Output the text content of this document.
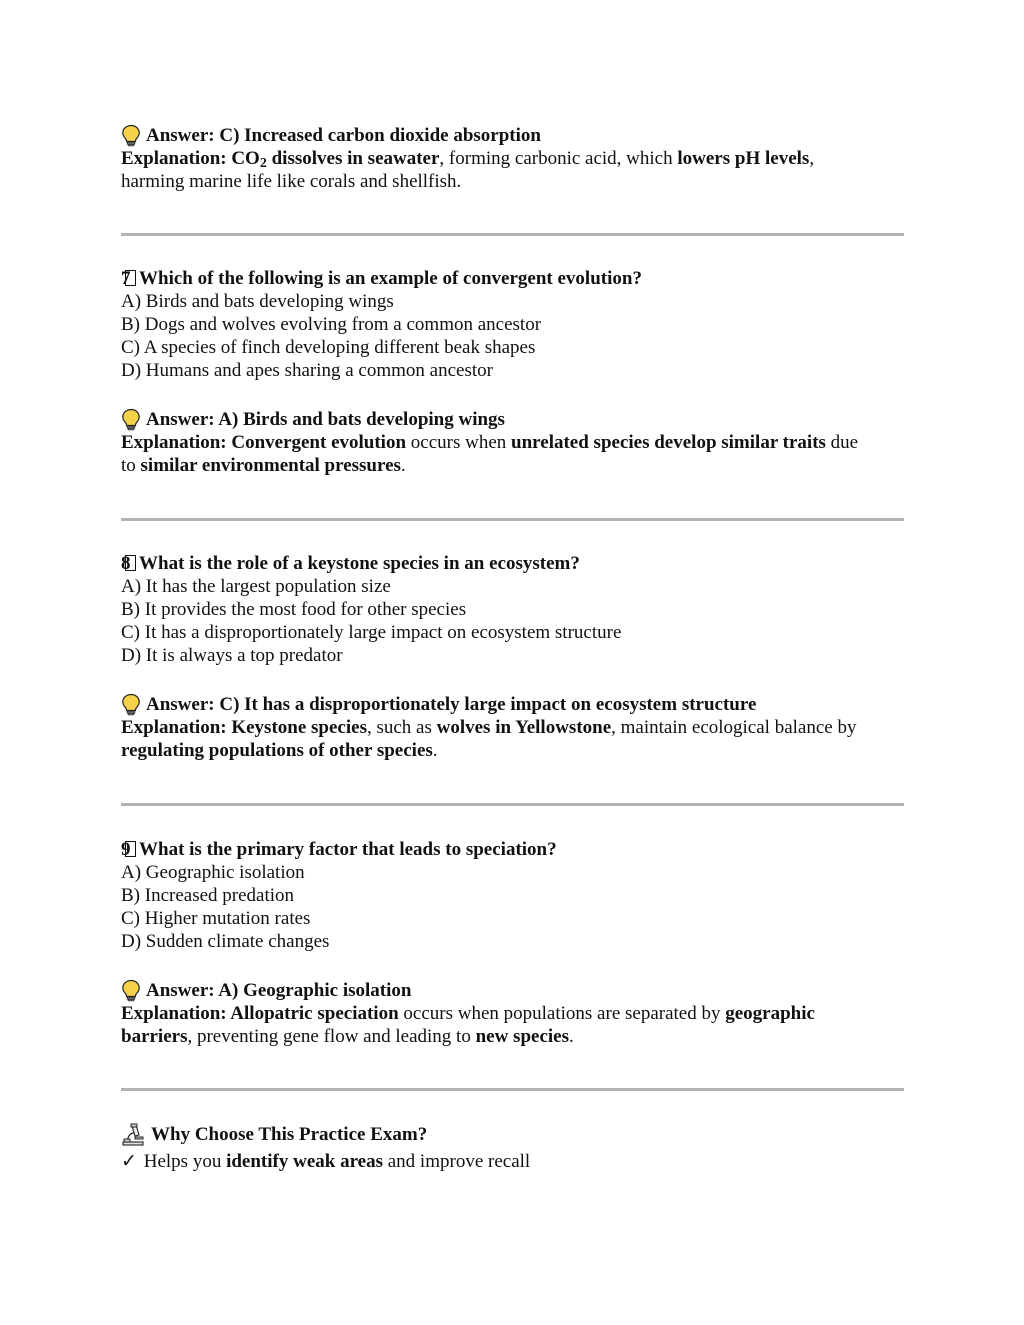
Answer: C) Increased carbon dioxide absorption
Explanation: $CO_2$ dissolves in seawater, forming carbonic acid, which lowers pH levels,
harming marine life like corals and shellfish.
7 Which of the following is an example of convergent evolution?
A) Birds and bats developing wings
B) Dogs and wolves evolving from a common ancestor
C) A species of finch developing different beak shapes
D) Humans and apes sharing a common ancestor
Answer: A) Birds and bats developing wings
Explanation: Convergent evolution occurs when unrelated species develop similar traits due
to similar environmental pressures.
8 What is the role of a keystone species in an ecosystem?
A) It has the largest population size
B) It provides the most food for other species
C) It has a disproportionately large impact on ecosystem structure
D) It is always a top predator
Answer: C) It has a disproportionately large impact on ecosystem structure
Explanation: Keystone species, such as wolves in Yellowstone, maintain ecological balance by
regulating populations of other species.
9 What is the primary factor that leads to speciation?
A) Geographic isolation
B) Increased predation
C) Higher mutation rates
D) Sudden climate changes
Answer: A) Geographic isolation
Explanation: Allopatric speciation occurs when populations are separated by geographic
barriers, preventing gene flow and leading to new species.
Why Choose This Practice Exam?
✓ Helps you identify weak areas and improve recall
